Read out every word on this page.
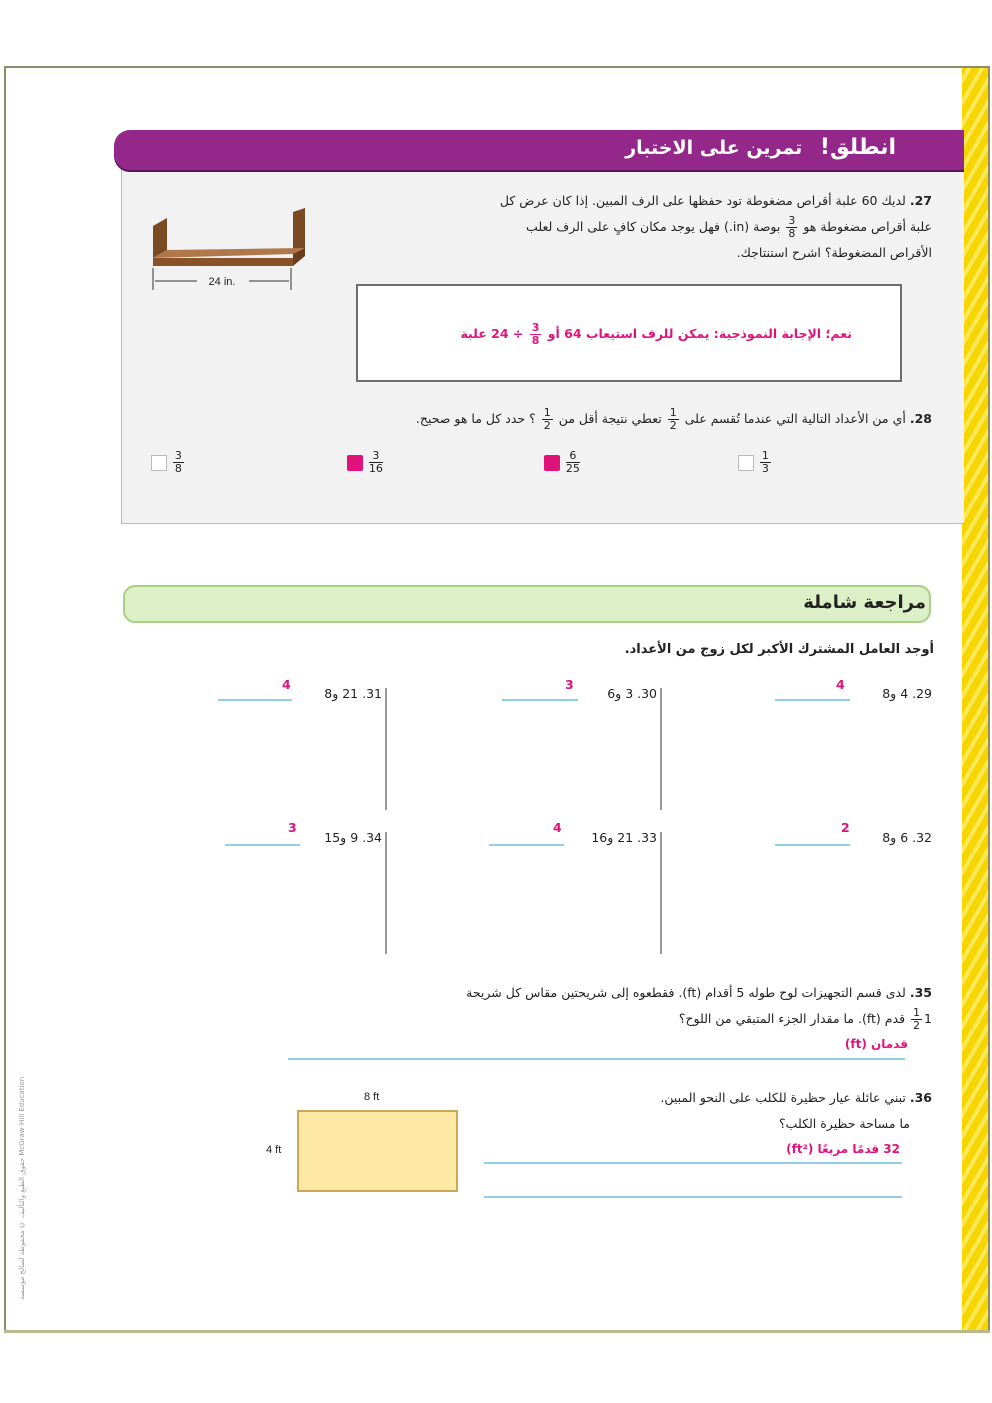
حقوق الطبع والتأليف © محفوظة لصالح مؤسسة McGraw-Hill Education
انطلق! تمرين على الاختبار
24 in.
27. لديك 60 علبة أقراص مضغوطة تود حفظها على الرف المبين. إذا كان عرض كل
علبة أقراص مضغوطة هو
$\frac{3}{8}$
بوصة (in.) فهل يوجد مكان كافٍ على الرف لعلب
الأقراص المضغوطة؟ اشرح استنتاجك.
نعم؛ الإجابة النموذجية: يمكن للرف استيعاب 64 أو
$\frac{3}{8}$
÷ 24 علبة
28. أي من الأعداد التالية التي عندما تُقسم على
$\frac{1}{2}$
تعطي نتيجة أقل من
$\frac{1}{2}$
؟ حدد كل ما هو صحيح.

$\frac{1}{3}$

$\frac{6}{25}$

$\frac{3}{16}$

$\frac{3}{8}$
مراجعة شاملة
أوجد العامل المشترك الأكبر لكل زوج من الأعداد.
29. 4 و8
4
30. 3 و6
3
31. 21 و8
4
32. 6 و8
2
33. 21 و16
4
34. 9 و15
3
35. لدى قسم التجهيزات لوح طوله 5 أقدام (ft). فقطعوه إلى شريحتين مقاس كل شريحة
1
$\frac{1}{2}$
قدم (ft). ما مقدار الجزء المتبقي من اللوح؟
قدمان (ft)
36. تبني عائلة عيار حظيرة للكلب على النحو المبين.
ما مساحة حظيرة الكلب؟
32 قدمًا مربعًا (ft²)
8 ft
4 ft
